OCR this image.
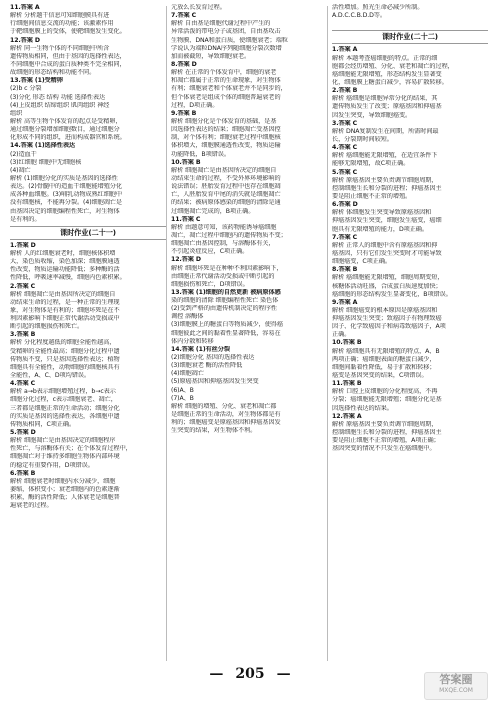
11.答案 A
解析 分析题干信息可知细胞膜具有进
行细胞间信息交流的功能；该激素作用
于靶细胞膜上的受体，使靶细胞发生变化。
12.答案 D
解析 同一生物个体的不同细胞中所含
遗传物质相同，但由于基因的选择性表达，
不同细胞中合成的蛋白质种类不完全相同，
故细胞的形态结构和功能不同。
13.答案 (1)受精卵
(2)b c 分裂
(3)分化 形态 结构 功能 选择性表达
(4)上皮组织 结缔组织 肌肉组织 神经
组织
解析 高等生物个体发育的起点是受精卵，
通过细胞分裂增加细胞数目，通过细胞分
化形成不同的组织，进而构成器官和系统。
14.答案 (1)选择性表达
(2)造血干
(3)红细胞 细胞中无细胞核
(4)凋亡
解析 (1)细胞分化的实质是基因的选择性
表达。(2)骨髓中的造血干细胞能增殖分化
成各种血细胞。(3)哺乳动物成熟红细胞中
没有细胞核，不能再分裂。(4)细胞凋亡是
由基因决定的细胞编程性死亡，对生物体
是有利的。
课时作业(二十一)
1.答案 D
解析 人的红细胞衰老时，细胞核体积增
大，染色质收缩，染色加深；细胞膜通透
性改变，物质运输功能降低；多种酶的活
性降低，呼吸速率减慢，细胞内色素积累。
2.答案 C
解析 细胞凋亡是由基因所决定的细胞自
动结束生命的过程，是一种正常的生理现
象，对生物体是有利的；细胞坏死是在不
利因素影响下细胞正常代谢活动受损或中
断引起的细胞损伤和死亡。
3.答案 B
解析 分化程度越低的细胞全能性越高，
受精卵的全能性最高；细胞分化过程中遗
传物质不变，只是基因选择性表达；植物
细胞具有全能性，动物细胞的细胞核具有
全能性，A、C、D项均错误。
4.答案 C
解析 a→b表示细胞增殖过程，b→c表示
细胞分化过程，c表示细胞衰老、凋亡，
三者都是细胞正常的生命活动；细胞分化
的实质是基因的选择性表达，各细胞中遗
传物质相同，C项正确。
5.答案 D
解析 细胞凋亡是由基因决定的细胞程序
性死亡，与溶酶体有关；在个体发育过程中，
细胞凋亡对于维持多细胞生物体内部环境
的稳定有重要作用，D项错误。
6.答案 B
解析 细胞衰老时细胞内水分减少，细胞
萎缩，体积变小；衰老细胞内的色素逐渐
积累，酶的活性降低；人体衰老是细胞普
遍衰老的过程。
元放么长发育过程。
7.答案 C
解析 自由基是细胞代谢过程中产生的
异常活泼的带电分子或基团，自由基攻击
生物膜、DNA和蛋白质，使细胞衰老；端粒
学说认为端粒DNA序列随细胞分裂次数增
加而被截短，导致细胞衰老。
8.答案 D
解析 在正常的个体发育中，细胞的衰老
和凋亡都属于正常的生命现象，对生物体
有利；细胞衰老和个体衰老并不是同步的，
但个体衰老是组成个体的细胞普遍衰老的
过程，D项正确。
9.答案 B
解析 细胞分化是个体发育的基础，是基
因选择性表达的结果；细胞凋亡受基因控
制，对个体有利；细胞衰老过程中细胞核
体积增大，细胞膜通透性改变，物质运输
功能降低，B项错误。
10.答案 B
解析 细胞凋亡是由基因所决定的细胞自
动结束生命的过程，不受外界环境影响的
说法错误；胚胎发育过程中也存在细胞凋
亡，人胚胎发育中尾的消失就是细胞凋亡
的结果；被病原体感染的细胞的清除是通
过细胞凋亡完成的，B项正确。
11.答案 C
解析 由题意可知，该药物能诱导癌细胞
凋亡，凋亡过程中细胞内的遗传物质不变；
细胞凋亡由基因控制，与溶酶体有关，
不引起炎症反应，C项正确。
12.答案 D
解析 细胞坏死是在种种不利因素影响下，
由细胞正常代谢活动受损或中断引起的
细胞损伤和死亡，D项错误。
13.答案 (1)细胞的自然更新 被病原体感
染的细胞的清除 细胞编程性死亡 染色体
(2)受到严格的由遗传机制决定的程序性
调控 溶酶体
(3)细胞膜上的糖蛋白等物质减少，使得癌
细胞彼此之间的黏着性显著降低，容易在
体内分散和转移
14.答案 (1)有丝分裂
(2)细胞分化 基因的选择性表达
(3)细胞衰老 酶的活性降低
(4)细胞凋亡
(5)原癌基因和抑癌基因发生突变
(6)A、B
(7)A、B
解析 细胞的增殖、分化、衰老和凋亡都
是细胞正常的生命活动，对生物体都是有
利的；细胞癌变是原癌基因和抑癌基因发
生突变的结果，对生物体不利。
活性增加。照光生命必减少所制。
A.D.C.C.B.D.D等。
课时作业(二十二)
1.答案 A
解析 本题考查癌细胞的特点。正常的细
胞都会经历增殖、分化、衰老和凋亡的过程，
癌细胞能无限增殖，形态结构发生显著变
化，细胞膜上糖蛋白减少，容易扩散转移。
2.答案 B
解析 癌细胞是细胞异常分化的结果，其
遗传物质发生了改变；原癌基因和抑癌基
因发生突变，导致细胞癌变。
3.答案 C
解析 DNA复制发生在间期，所需时间最
长，分裂期时间较短。
4.答案 C
解析 癌细胞能无限增殖，在适宜条件下
能够无限增殖，故C项正确。
5.答案 C
解析 原癌基因主要负责调节细胞周期，
控制细胞生长和分裂的进程；抑癌基因主
要是阻止细胞不正常的增殖。
6.答案 D
解析 体细胞发生突变导致原癌基因和
抑癌基因发生突变，细胞发生癌变，癌细
胞具有无限增殖的能力，D项正确。
7.答案 C
解析 正常人的细胞中含有原癌基因和抑
癌基因，只有它们发生突变时才可能导致
细胞癌变，C项正确。
8.答案 B
解析 癌细胞能无限增殖，细胞周期变短，
核糖体活动旺盛，合成蛋白质速度加快；
癌细胞的形态结构发生显著变化，B项错误。
9.答案 A
解析 细胞癌变的根本原因是原癌基因和
抑癌基因发生突变；致癌因子有物理致癌
因子、化学致癌因子和病毒致癌因子，A项
正确。
10.答案 B
解析 癌细胞具有无限增殖的特点，A、B
两项正确；癌细胞表面的糖蛋白减少，
细胞间黏着性降低，易于扩散和转移；
癌变是基因突变的结果，C项错误。
11.答案 B
解析 口腔上皮细胞的分化程度高，不再
分裂；癌细胞能无限增殖；细胞分化是基
因选择性表达的结果。
12.答案 A
解析 原癌基因主要负责调节细胞周期，
控制细胞生长和分裂的进程，抑癌基因主
要是阻止细胞不正常的增殖，A项正确；
基因突变的情况不只发生在癌细胞中。
— 205 —	答案圈
MXQE.COM
